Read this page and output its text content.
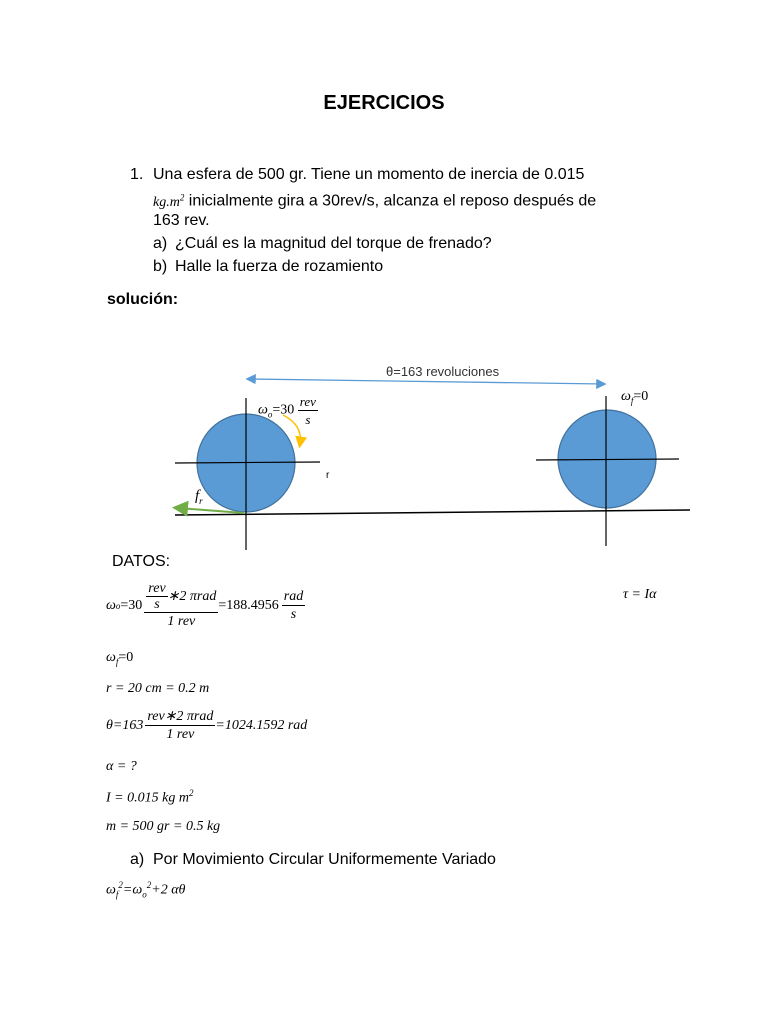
EJERCICIOS
1. Una esfera de 500 gr. Tiene un momento de inercia de 0.015
$kg.m^2$ inicialmente gira a 30rev/s, alcanza el reposo después de
163 rev.
a) ¿Cuál es la magnitud del torque de frenado?
b) Halle la fuerza de rozamiento
solución:
θ=163 revoluciones
r
$\omega_o=30 \frac{\text{rev}}{s}$	$\omega_f=0$
$f_r$
DATOS:
τ = Iα
ω $o =30 \frac{\frac{\text{rev}}{s} ∗2 \pi rad}{\text{1 rev}} =188.4956 \frac{\text{rad}}{s}$
$\omega_f=0$
r = 20 cm = 0.2 m
$\theta=163 \frac{\text{rev∗2 πrad}}{\text{1 rev}} =1024.1592$ rad
α = ?
I = 0.015 kg $m^2$
m = 500 gr = 0.5 kg
a) Por Movimiento Circular Uniformemente Variado
$\omega_f^2=\omega_o^2+2$ αθ
